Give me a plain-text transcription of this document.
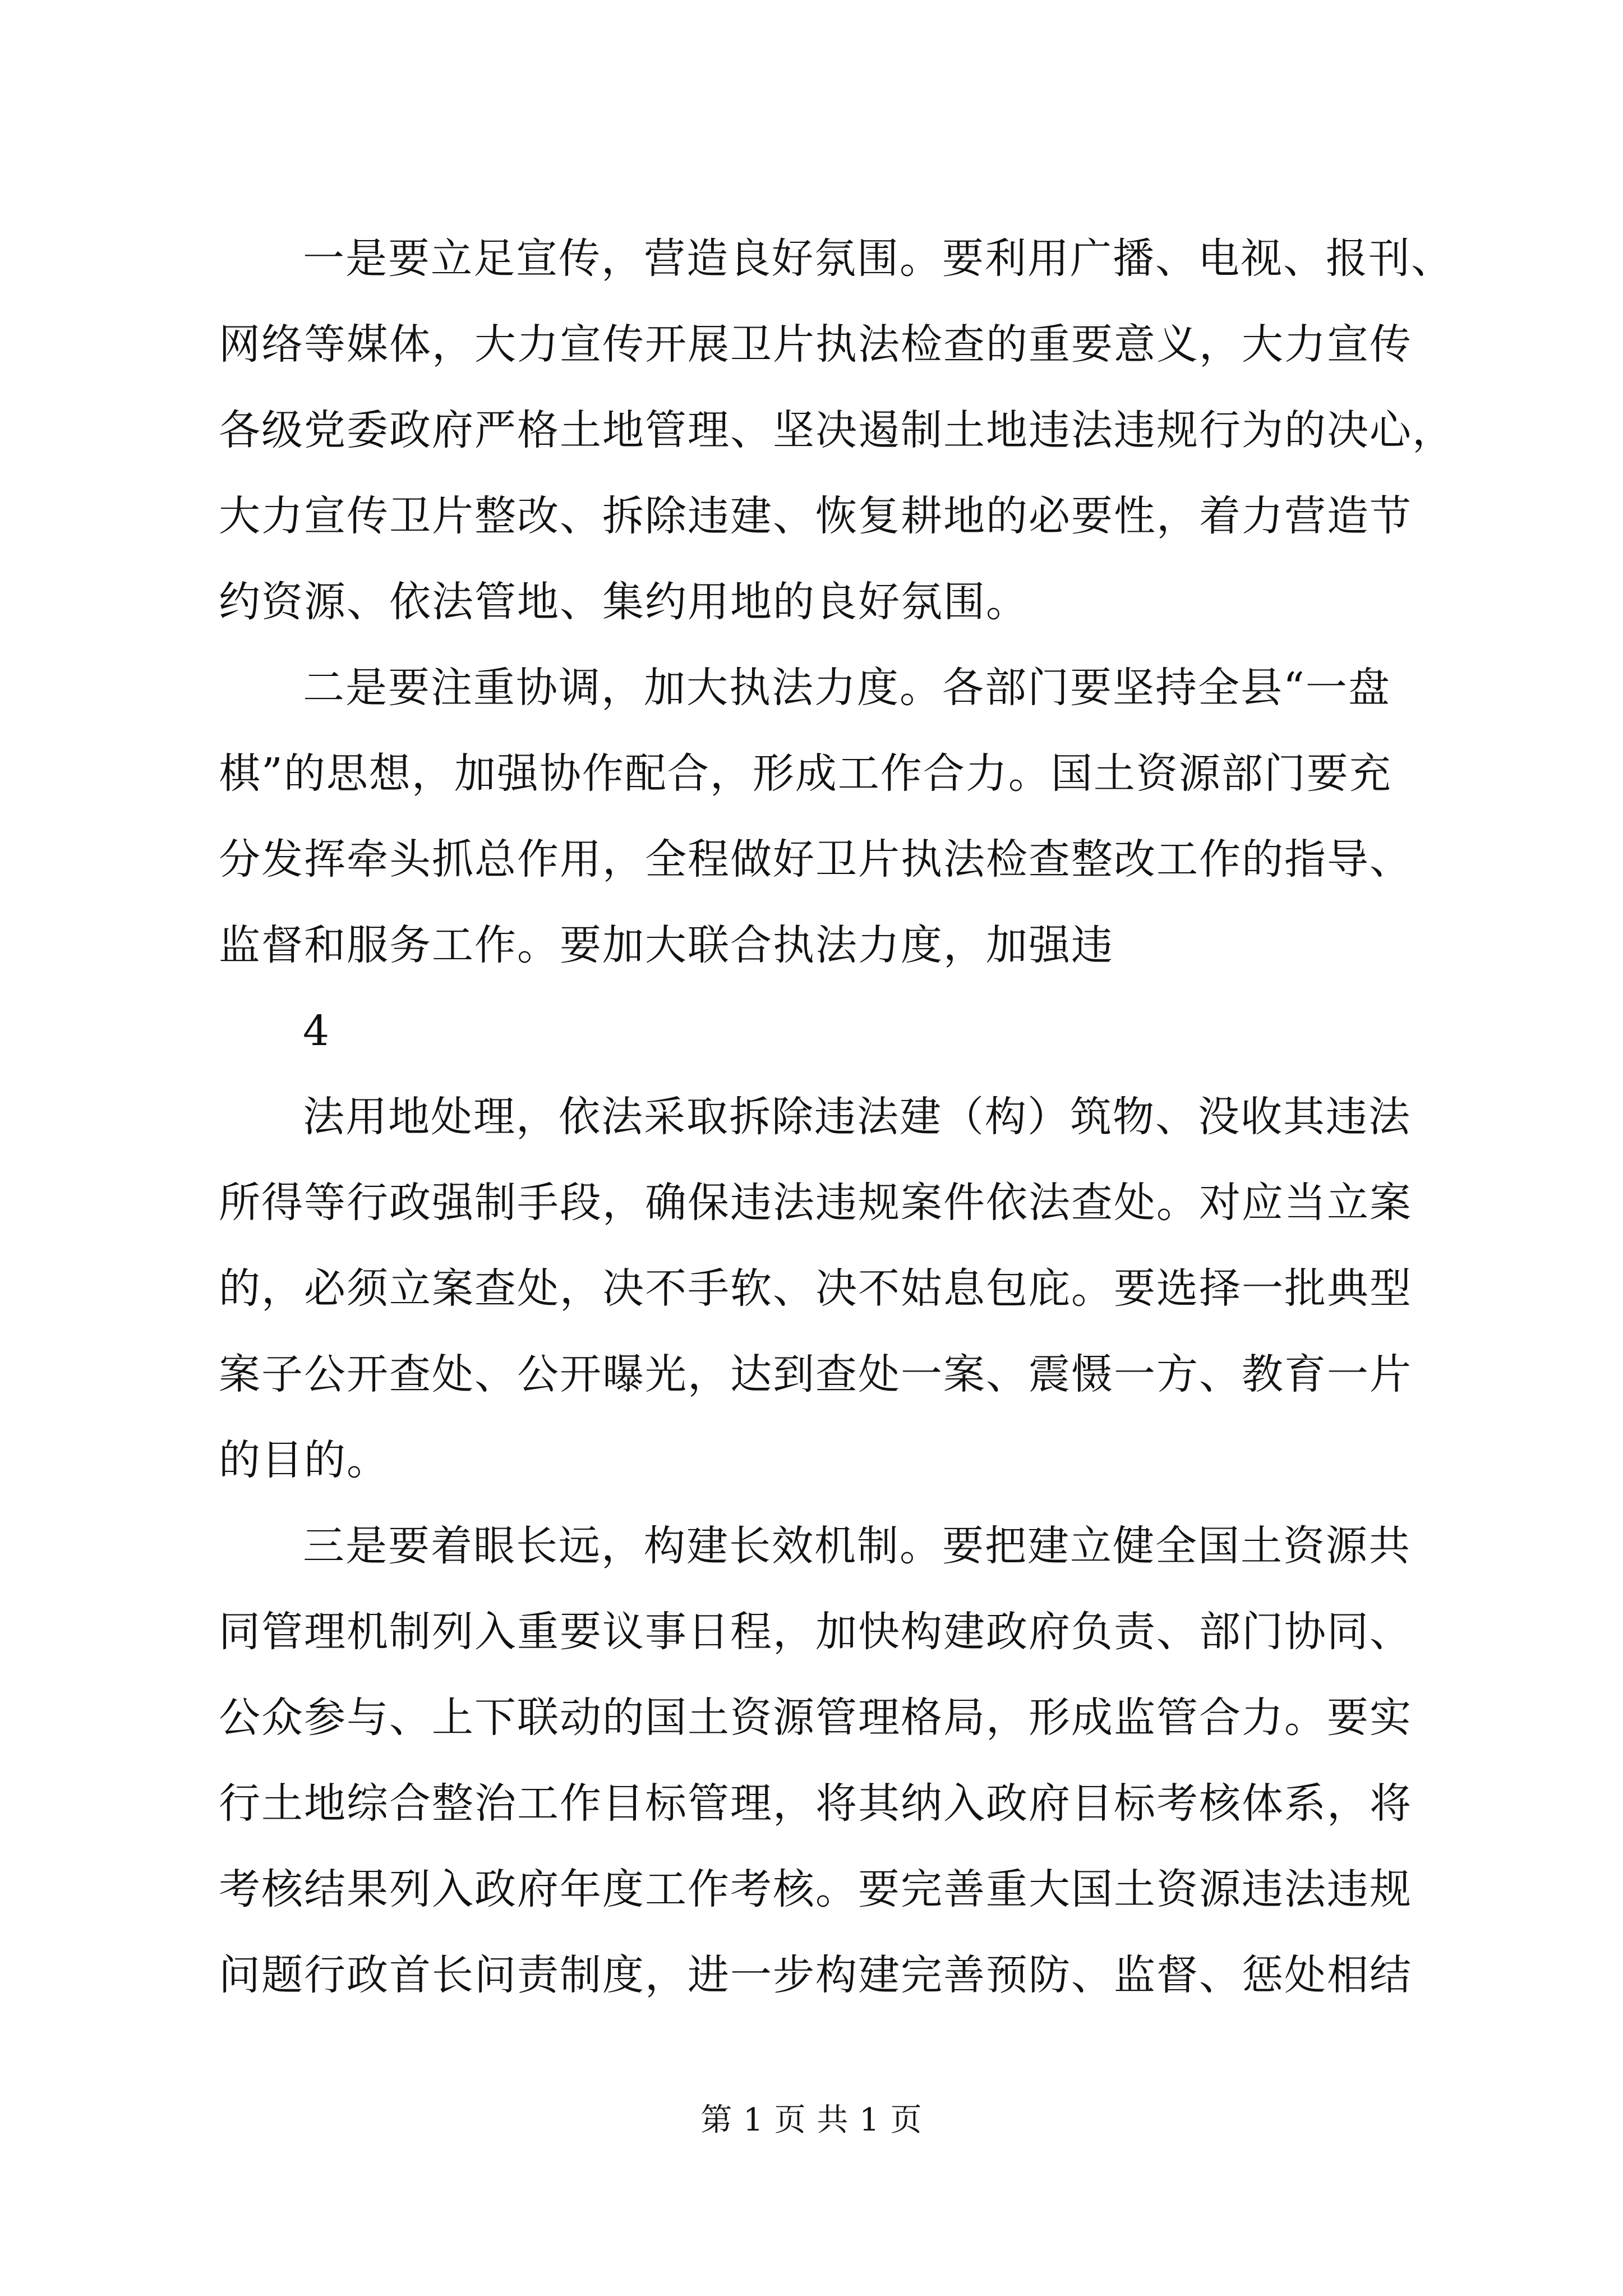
一是要立足宣传，营造良好氛围。要利用广播、电视、报刊、
网络等媒体，大力宣传开展卫片执法检查的重要意义，大力宣传
各级党委政府严格土地管理、坚决遏制土地违法违规行为的决心，
大力宣传卫片整改、拆除违建、恢复耕地的必要性，着力营造节
约资源、依法管地、集约用地的良好氛围。
二是要注重协调，加大执法力度。各部门要坚持全县“一盘
棋”的思想，加强协作配合，形成工作合力。国土资源部门要充
分发挥牵头抓总作用，全程做好卫片执法检查整改工作的指导、
监督和服务工作。要加大联合执法力度，加强违
4
法用地处理，依法采取拆除违法建（构）筑物、没收其违法
所得等行政强制手段，确保违法违规案件依法查处。对应当立案
的，必须立案查处，决不手软、决不姑息包庇。要选择一批典型
案子公开查处、公开曝光，达到查处一案、震慑一方、教育一片
的目的。
三是要着眼长远，构建长效机制。要把建立健全国土资源共
同管理机制列入重要议事日程，加快构建政府负责、部门协同、
公众参与、上下联动的国土资源管理格局，形成监管合力。要实
行土地综合整治工作目标管理，将其纳入政府目标考核体系，将
考核结果列入政府年度工作考核。要完善重大国土资源违法违规
问题行政首长问责制度，进一步构建完善预防、监督、惩处相结
第 1 页 共 1 页
